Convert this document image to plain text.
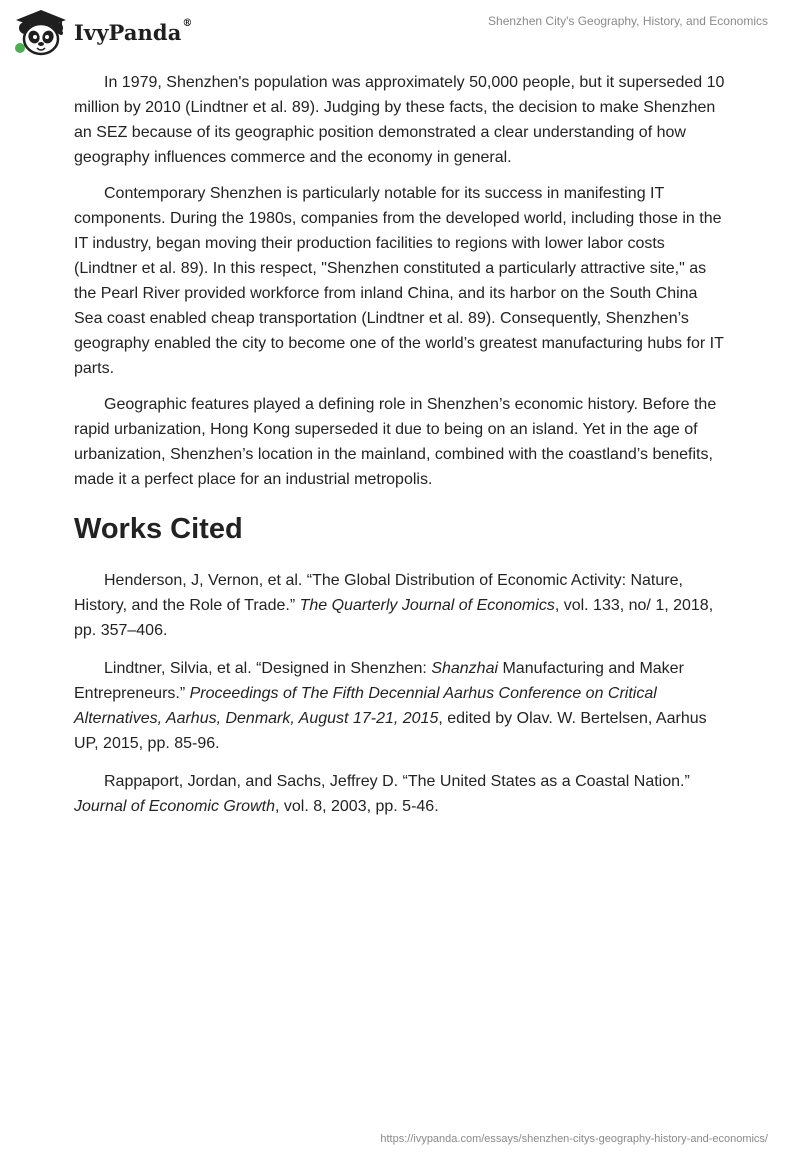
IvyPanda®	Shenzhen City's Geography, History, and Economics

In 1979, Shenzhen's population was approximately 50,000 people, but it superseded 10 million by 2010 (Lindtner et al. 89). Judging by these facts, the decision to make Shenzhen an SEZ because of its geographic position demonstrated a clear understanding of how geography influences commerce and the economy in general.

Contemporary Shenzhen is particularly notable for its success in manifesting IT components. During the 1980s, companies from the developed world, including those in the IT industry, began moving their production facilities to regions with lower labor costs (Lindtner et al. 89). In this respect, "Shenzhen constituted a particularly attractive site," as the Pearl River provided workforce from inland China, and its harbor on the South China Sea coast enabled cheap transportation (Lindtner et al. 89). Consequently, Shenzhen’s geography enabled the city to become one of the world’s greatest manufacturing hubs for IT parts.

Geographic features played a defining role in Shenzhen’s economic history. Before the rapid urbanization, Hong Kong superseded it due to being on an island. Yet in the age of urbanization, Shenzhen’s location in the mainland, combined with the coastland’s benefits, made it a perfect place for an industrial metropolis.

Works Cited

Henderson, J, Vernon, et al. “The Global Distribution of Economic Activity: Nature, History, and the Role of Trade.” The Quarterly Journal of Economics, vol. 133, no/ 1, 2018, pp. 357–406.

Lindtner, Silvia, et al. “Designed in Shenzhen: Shanzhai Manufacturing and Maker Entrepreneurs.” Proceedings of The Fifth Decennial Aarhus Conference on Critical Alternatives, Aarhus, Denmark, August 17-21, 2015, edited by Olav. W. Bertelsen, Aarhus UP, 2015, pp. 85-96.

Rappaport, Jordan, and Sachs, Jeffrey D. “The United States as a Coastal Nation.” Journal of Economic Growth, vol. 8, 2003, pp. 5-46.

https://ivypanda.com/essays/shenzhen-citys-geography-history-and-economics/
